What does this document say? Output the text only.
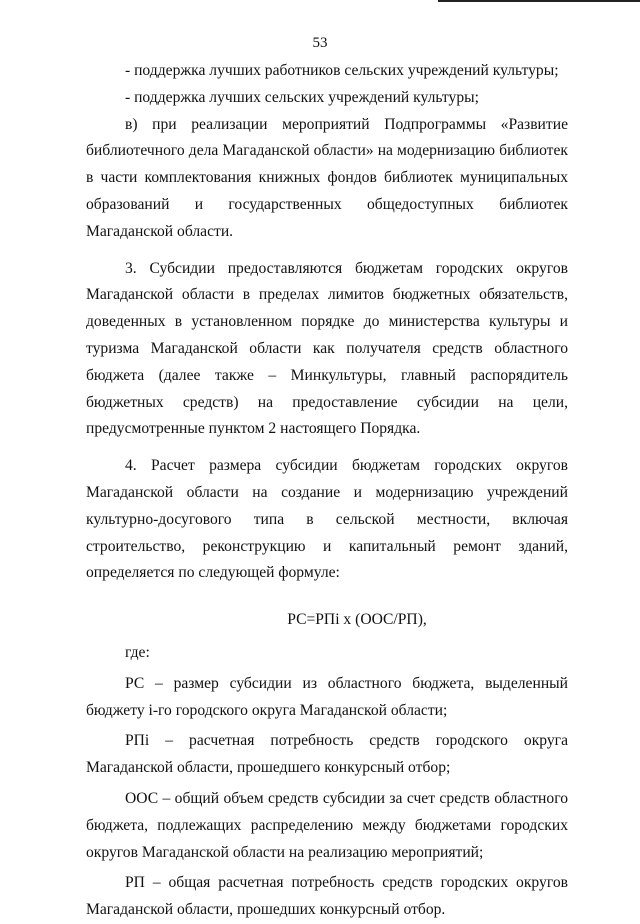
53

- поддержка лучших работников сельских учреждений культуры;

- поддержка лучших сельских учреждений культуры;

в) при реализации мероприятий Подпрограммы «Развитие библиотечного дела Магаданской области» на модернизацию библиотек в части комплектования книжных фондов библиотек муниципальных образований и государственных общедоступных библиотек Магаданской области.

3. Субсидии предоставляются бюджетам городских округов Магаданской области в пределах лимитов бюджетных обязательств, доведенных в установленном порядке до министерства культуры и туризма Магаданской области как получателя средств областного бюджета (далее также – Минкультуры, главный распорядитель бюджетных средств) на предоставление субсидии на цели, предусмотренные пунктом 2 настоящего Порядка.

4. Расчет размера субсидии бюджетам городских округов Магаданской области на создание и модернизацию учреждений культурно-досугового типа в сельской местности, включая строительство, реконструкцию и капитальный ремонт зданий, определяется по следующей формуле:

РС=РПi х (ООС/РП),

где:

РС – размер субсидии из областного бюджета, выделенный бюджету i-го городского округа Магаданской области;

РПi – расчетная потребность средств городского округа Магаданской области, прошедшего конкурсный отбор;

ООС – общий объем средств субсидии за счет средств областного бюджета, подлежащих распределению между бюджетами городских округов Магаданской области на реализацию мероприятий;

РП – общая расчетная потребность средств городских округов Магаданской области, прошедших конкурсный отбор.
